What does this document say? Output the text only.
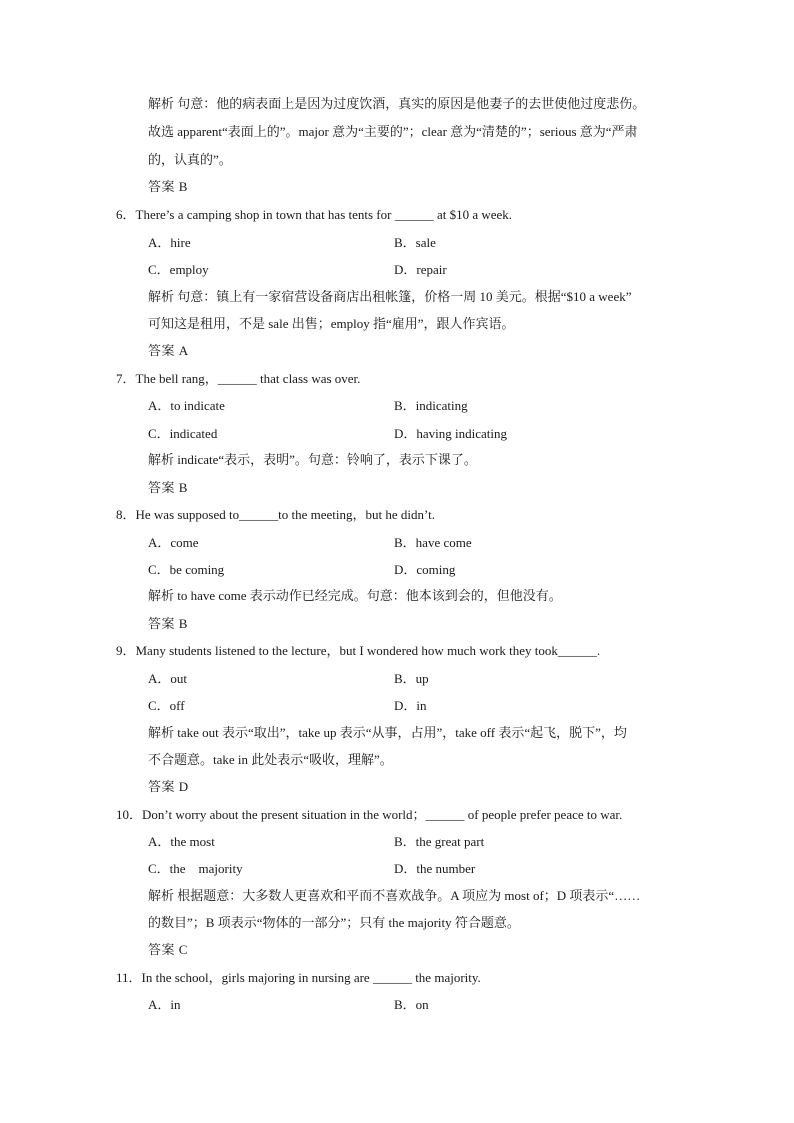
解析 句意：他的病表面上是因为过度饮酒，真实的原因是他妻子的去世使他过度悲伤。
故选 apparent“表面上的”。major 意为“主要的”；clear 意为“清楚的”；serious 意为“严肃
的，认真的”。
答案 B
6．There’s a camping shop in town that has tents for ______ at $10 a week.
A．hire	B．sale
C．employ	D．repair
解析 句意：镇上有一家宿营设备商店出租帐篷，价格一周 10 美元。根据“$10 a week”
可知这是租用，不是 sale 出售；employ 指“雇用”，跟人作宾语。
答案 A
7．The bell rang，______ that class was over.
A．to indicate	B．indicating
C．indicated	D．having indicating
解析 indicate“表示，表明”。句意：铃响了，表示下课了。
答案 B
8．He was supposed to______to the meeting，but he didn’t.
A．come	B．have come
C．be coming	D．coming
解析 to have come 表示动作已经完成。句意：他本该到会的，但他没有。
答案 B
9．Many students listened to the lecture，but I wondered how much work they took______.
A．out	B．up
C．off	D．in
解析 take out 表示“取出”，take up 表示“从事，占用”，take off 表示“起飞，脱下”，均
不合题意。take in 此处表示“吸收，理解”。
答案 D
10．Don’t worry about the present situation in the world；______ of people prefer peace to war.
A．the most	B．the great part
C．the　majority	D．the number
解析 根据题意：大多数人更喜欢和平而不喜欢战争。A 项应为 most of；D 项表示“……
的数目”；B 项表示“物体的一部分”；只有 the majority 符合题意。
答案 C
11．In the school，girls majoring in nursing are ______ the majority.
A．in	B．on
